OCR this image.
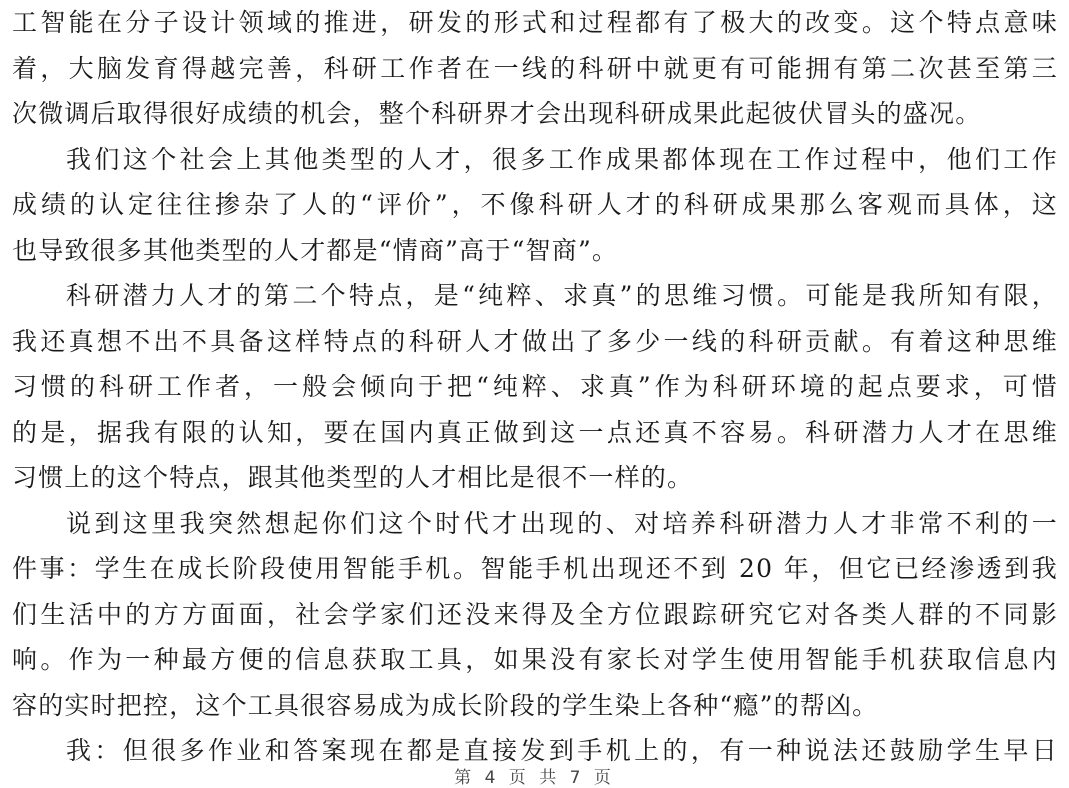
工智能在分子设计领域的推进，研发的形式和过程都有了极大的改变。这个特点意味
着，大脑发育得越完善，科研工作者在一线的科研中就更有可能拥有第二次甚至第三
次微调后取得很好成绩的机会，整个科研界才会出现科研成果此起彼伏冒头的盛况。
我们这个社会上其他类型的人才，很多工作成果都体现在工作过程中，他们工作
成绩的认定往往掺杂了人的“评价”，不像科研人才的科研成果那么客观而具体，这
也导致很多其他类型的人才都是“情商”高于“智商”。
科研潜力人才的第二个特点，是“纯粹、求真”的思维习惯。可能是我所知有限，
我还真想不出不具备这样特点的科研人才做出了多少一线的科研贡献。有着这种思维
习惯的科研工作者，一般会倾向于把“纯粹、求真”作为科研环境的起点要求，可惜
的是，据我有限的认知，要在国内真正做到这一点还真不容易。科研潜力人才在思维
习惯上的这个特点，跟其他类型的人才相比是很不一样的。
说到这里我突然想起你们这个时代才出现的、对培养科研潜力人才非常不利的一
件事：学生在成长阶段使用智能手机。智能手机出现还不到 20 年，但它已经渗透到我
们生活中的方方面面，社会学家们还没来得及全方位跟踪研究它对各类人群的不同影
响。作为一种最方便的信息获取工具，如果没有家长对学生使用智能手机获取信息内
容的实时把控，这个工具很容易成为成长阶段的学生染上各种“瘾”的帮凶。
我：但很多作业和答案现在都是直接发到手机上的，有一种说法还鼓励学生早日
第 4 页 共 7 页
